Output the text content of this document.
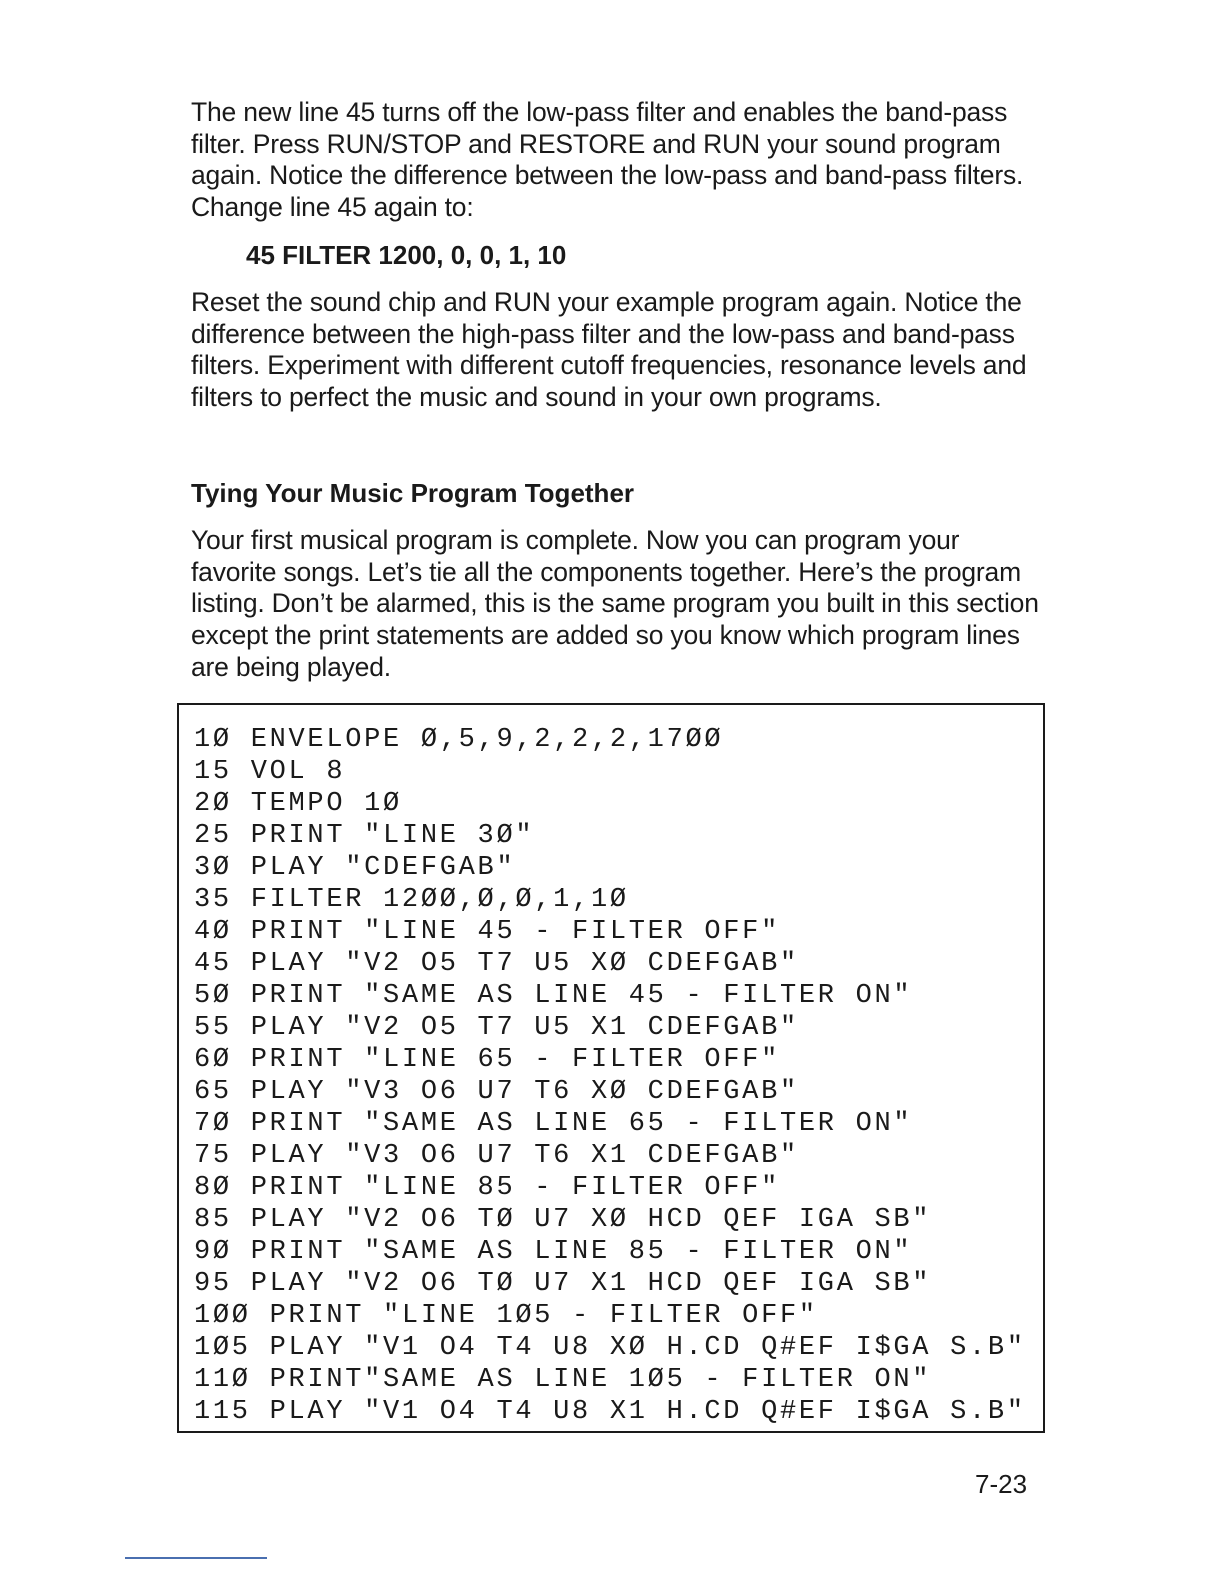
The new line 45 turns off the low-pass filter and enables the band-pass filter. Press RUN/STOP and RESTORE and RUN your sound program again. Notice the difference between the low-pass and band-pass filters. Change line 45 again to:

45 FILTER 1200, 0, 0, 1, 10

Reset the sound chip and RUN your example program again. Notice the difference between the high-pass filter and the low-pass and band-pass filters. Experiment with different cutoff frequencies, resonance levels and filters to perfect the music and sound in your own programs.

Tying Your Music Program Together

Your first musical program is complete. Now you can program your favorite songs. Let’s tie all the components together. Here’s the program listing. Don’t be alarmed, this is the same program you built in this section except the print statements are added so you know which program lines are being played.

1Ø ENVELOPE Ø,5,9,2,2,2,17ØØ
15 VOL 8
2Ø TEMPO 1Ø
25 PRINT "LINE 3Ø"
3Ø PLAY "CDEFGAB"
35 FILTER 12ØØ,Ø,Ø,1,1Ø
4Ø PRINT "LINE 45 - FILTER OFF"
45 PLAY "V2 O5 T7 U5 XØ CDEFGAB"
5Ø PRINT "SAME AS LINE 45 - FILTER ON"
55 PLAY "V2 O5 T7 U5 X1 CDEFGAB"
6Ø PRINT "LINE 65 - FILTER OFF"
65 PLAY "V3 O6 U7 T6 XØ CDEFGAB"
7Ø PRINT "SAME AS LINE 65 - FILTER ON"
75 PLAY "V3 O6 U7 T6 X1 CDEFGAB"
8Ø PRINT "LINE 85 - FILTER OFF"
85 PLAY "V2 O6 TØ U7 XØ HCD QEF IGA SB"
9Ø PRINT "SAME AS LINE 85 - FILTER ON"
95 PLAY "V2 O6 TØ U7 X1 HCD QEF IGA SB"
1ØØ PRINT "LINE 1Ø5 - FILTER OFF"
1Ø5 PLAY "V1 O4 T4 U8 XØ H.CD Q#EF I$GA S.B"
11Ø PRINT"SAME AS LINE 1Ø5 - FILTER ON"
115 PLAY "V1 O4 T4 U8 X1 H.CD Q#EF I$GA S.B"

7-23
